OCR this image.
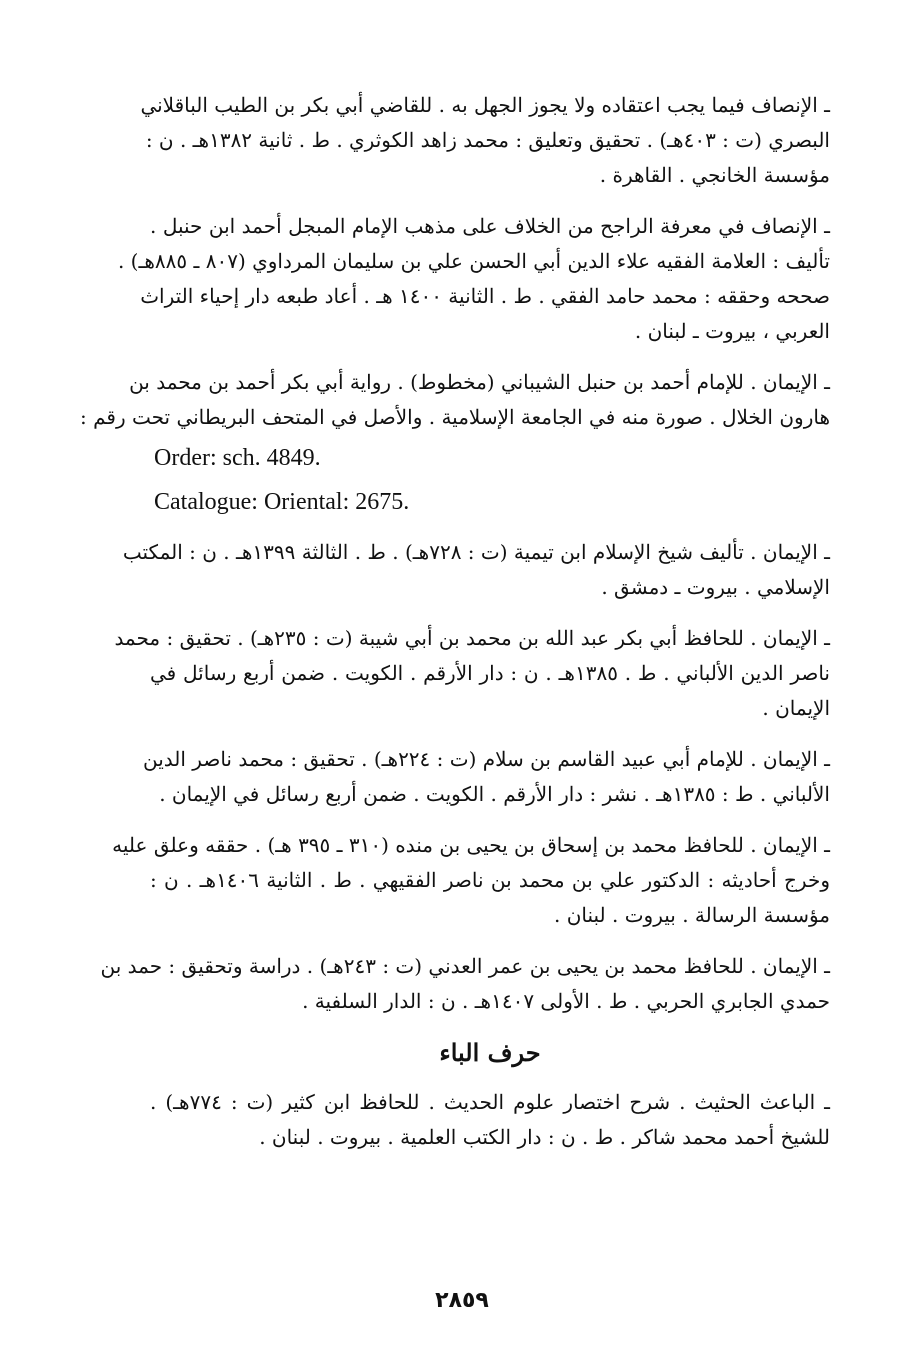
ـ الإنصاف فيما يجب اعتقاده ولا يجوز الجهل به . للقاضي أبي بكر بن الطيب الباقلاني
البصري (ت : ٤٠٣هـ) . تحقيق وتعليق : محمد زاهد الكوثري . ط . ثانية ١٣٨٢هـ . ن :
مؤسسة الخانجي . القاهرة .
ـ الإنصاف في معرفة الراجح من الخلاف على مذهب الإمام المبجل أحمد ابن حنبل .
تأليف : العلامة الفقيه علاء الدين أبي الحسن علي بن سليمان المرداوي (٨٠٧ ـ ٨٨٥هـ) .
صححه وحققه : محمد حامد الفقي . ط . الثانية ١٤٠٠ هـ . أعاد طبعه دار إحياء التراث
العربي ، بيروت ـ لبنان .
ـ الإيمان . للإمام أحمد بن حنبل الشيباني (مخطوط) . رواية أبي بكر أحمد بن محمد بن
هارون الخلال . صورة منه في الجامعة الإسلامية . والأصل في المتحف البريطاني تحت رقم :
Order: sch. 4849.
Catalogue: Oriental: 2675.
ـ الإيمان . تأليف شيخ الإسلام ابن تيمية (ت : ٧٢٨هـ) . ط . الثالثة ١٣٩٩هـ . ن : المكتب
الإسلامي . بيروت ـ دمشق .
ـ الإيمان . للحافظ أبي بكر عبد الله بن محمد بن أبي شيبة (ت : ٢٣٥هـ) . تحقيق : محمد
ناصر الدين الألباني . ط . ١٣٨٥هـ . ن : دار الأرقم . الكويت . ضمن أربع رسائل في
الإيمان .
ـ الإيمان . للإمام أبي عبيد القاسم بن سلام (ت : ٢٢٤هـ) . تحقيق : محمد ناصر الدين
الألباني . ط : ١٣٨٥هـ . نشر : دار الأرقم . الكويت . ضمن أربع رسائل في الإيمان .
ـ الإيمان . للحافظ محمد بن إسحاق بن يحيى بن منده (٣١٠ ـ ٣٩٥ هـ) . حققه وعلق عليه
وخرج أحاديثه : الدكتور علي بن محمد بن ناصر الفقيهي . ط . الثانية ١٤٠٦هـ . ن :
مؤسسة الرسالة . بيروت . لبنان .
ـ الإيمان . للحافظ محمد بن يحيى بن عمر العدني (ت : ٢٤٣هـ) . دراسة وتحقيق : حمد بن
حمدي الجابري الحربي . ط . الأولى ١٤٠٧هـ . ن : الدار السلفية .
حرف الباء
ـ الباعث الحثيث . شرح اختصار علوم الحديث . للحافظ ابن كثير (ت : ٧٧٤هـ) .
للشيخ أحمد محمد شاكر . ط . ن : دار الكتب العلمية . بيروت . لبنان .
٢٨٥٩
